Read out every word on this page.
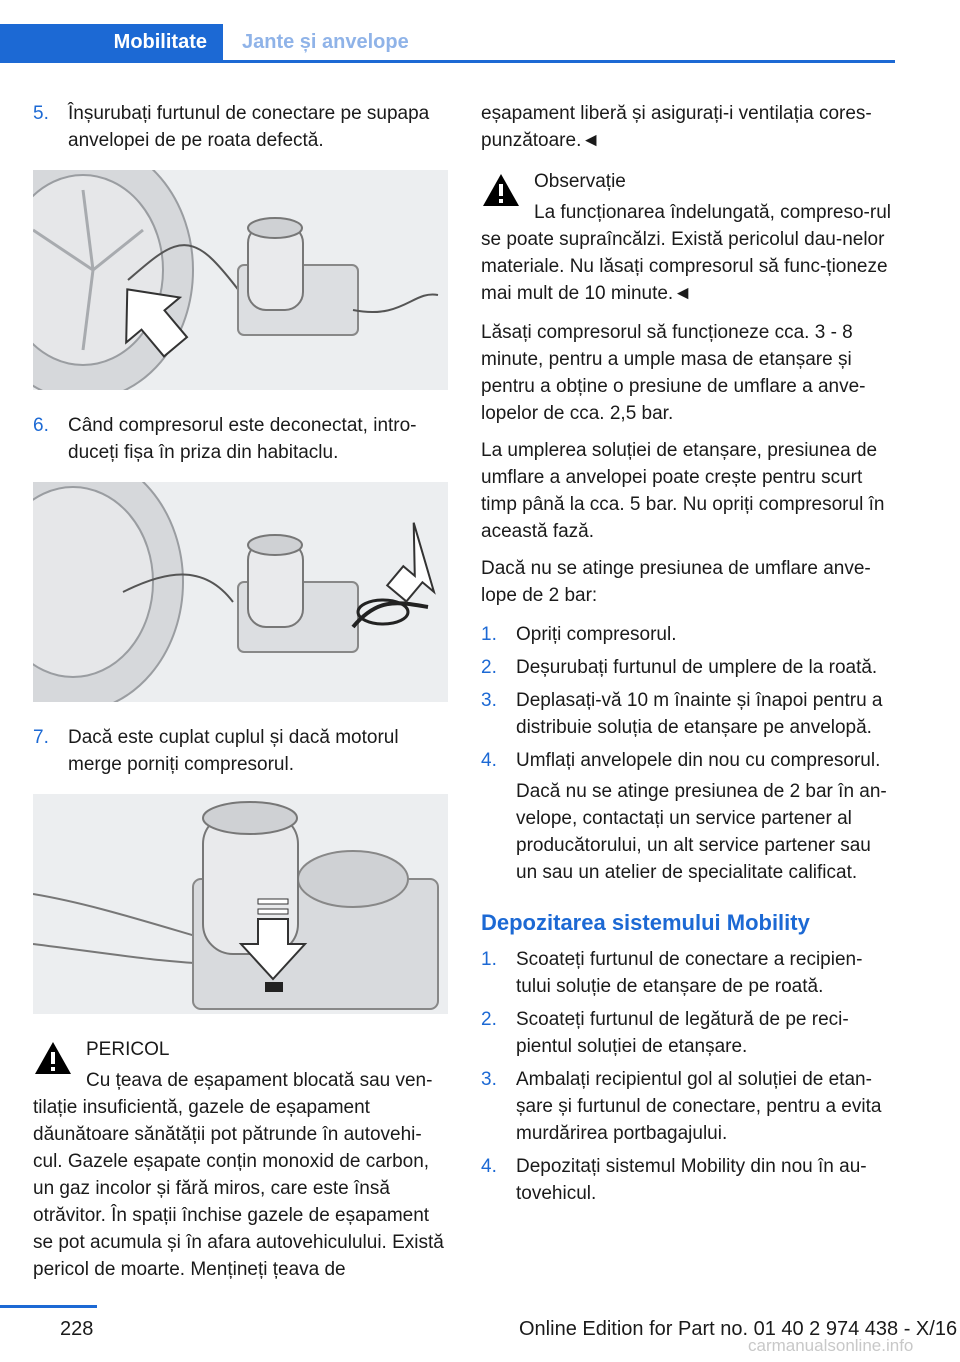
Mobilitate	Jante și anvelope
5. Înșurubați furtunul de conectare pe supapa anvelopei de pe roata defectă.
6. Când compresorul este deconectat, intro-duceți fișa în priza din habitaclu.
7. Dacă este cuplat cuplul și dacă motorul merge porniți compresorul.
PERICOL
Cu țeava de eșapament blocată sau ven-tilație insuficientă, gazele de eșapament dăunătoare sănătății pot pătrunde în autovehi-cul. Gazele eșapate conțin monoxid de carbon, un gaz incolor și fără miros, care este însă otrăvitor. În spații închise gazele de eșapament se pot acumula și în afara autovehiculului. Există pericol de moarte. Mențineți țeava de
eșapament liberă și asigurați-i ventilația cores-punzătoare.◄
Observație
La funcționarea îndelungată, compreso-rul se poate supraîncălzi. Există pericolul dau-nelor materiale. Nu lăsați compresorul să func-ționeze mai mult de 10 minute.◄
Lăsați compresorul să funcționeze cca. 3 - 8 minute, pentru a umple masa de etanșare și pentru a obține o presiune de umflare a anve-lopelor de cca. 2,5 bar.
La umplerea soluției de etanșare, presiunea de umflare a anvelopei poate crește pentru scurt timp până la cca. 5 bar. Nu opriți compresorul în această fază.
Dacă nu se atinge presiunea de umflare anve-lope de 2 bar:
1. Opriți compresorul.
2. Deșurubați furtunul de umplere de la roată.
3. Deplasați-vă 10 m înainte și înapoi pentru a distribuie soluția de etanșare pe anvelopă.
4. Umflați anvelopele din nou cu compresorul.
Dacă nu se atinge presiunea de 2 bar în an-velope, contactați un service partener al producătorului, un alt service partener sau un sau un atelier de specialitate calificat.
Depozitarea sistemului Mobility
1. Scoateți furtunul de conectare a recipien-tului soluție de etanșare de pe roată.
2. Scoateți furtunul de legătură de pe reci-pientul soluției de etanșare.
3. Ambalați recipientul gol al soluției de etan-șare și furtunul de conectare, pentru a evita murdărirea portbagajului.
4. Depozitați sistemul Mobility din nou în au-tovehicul.
228	Online Edition for Part no. 01 40 2 974 438 - X/16
carmanualsonline.info
